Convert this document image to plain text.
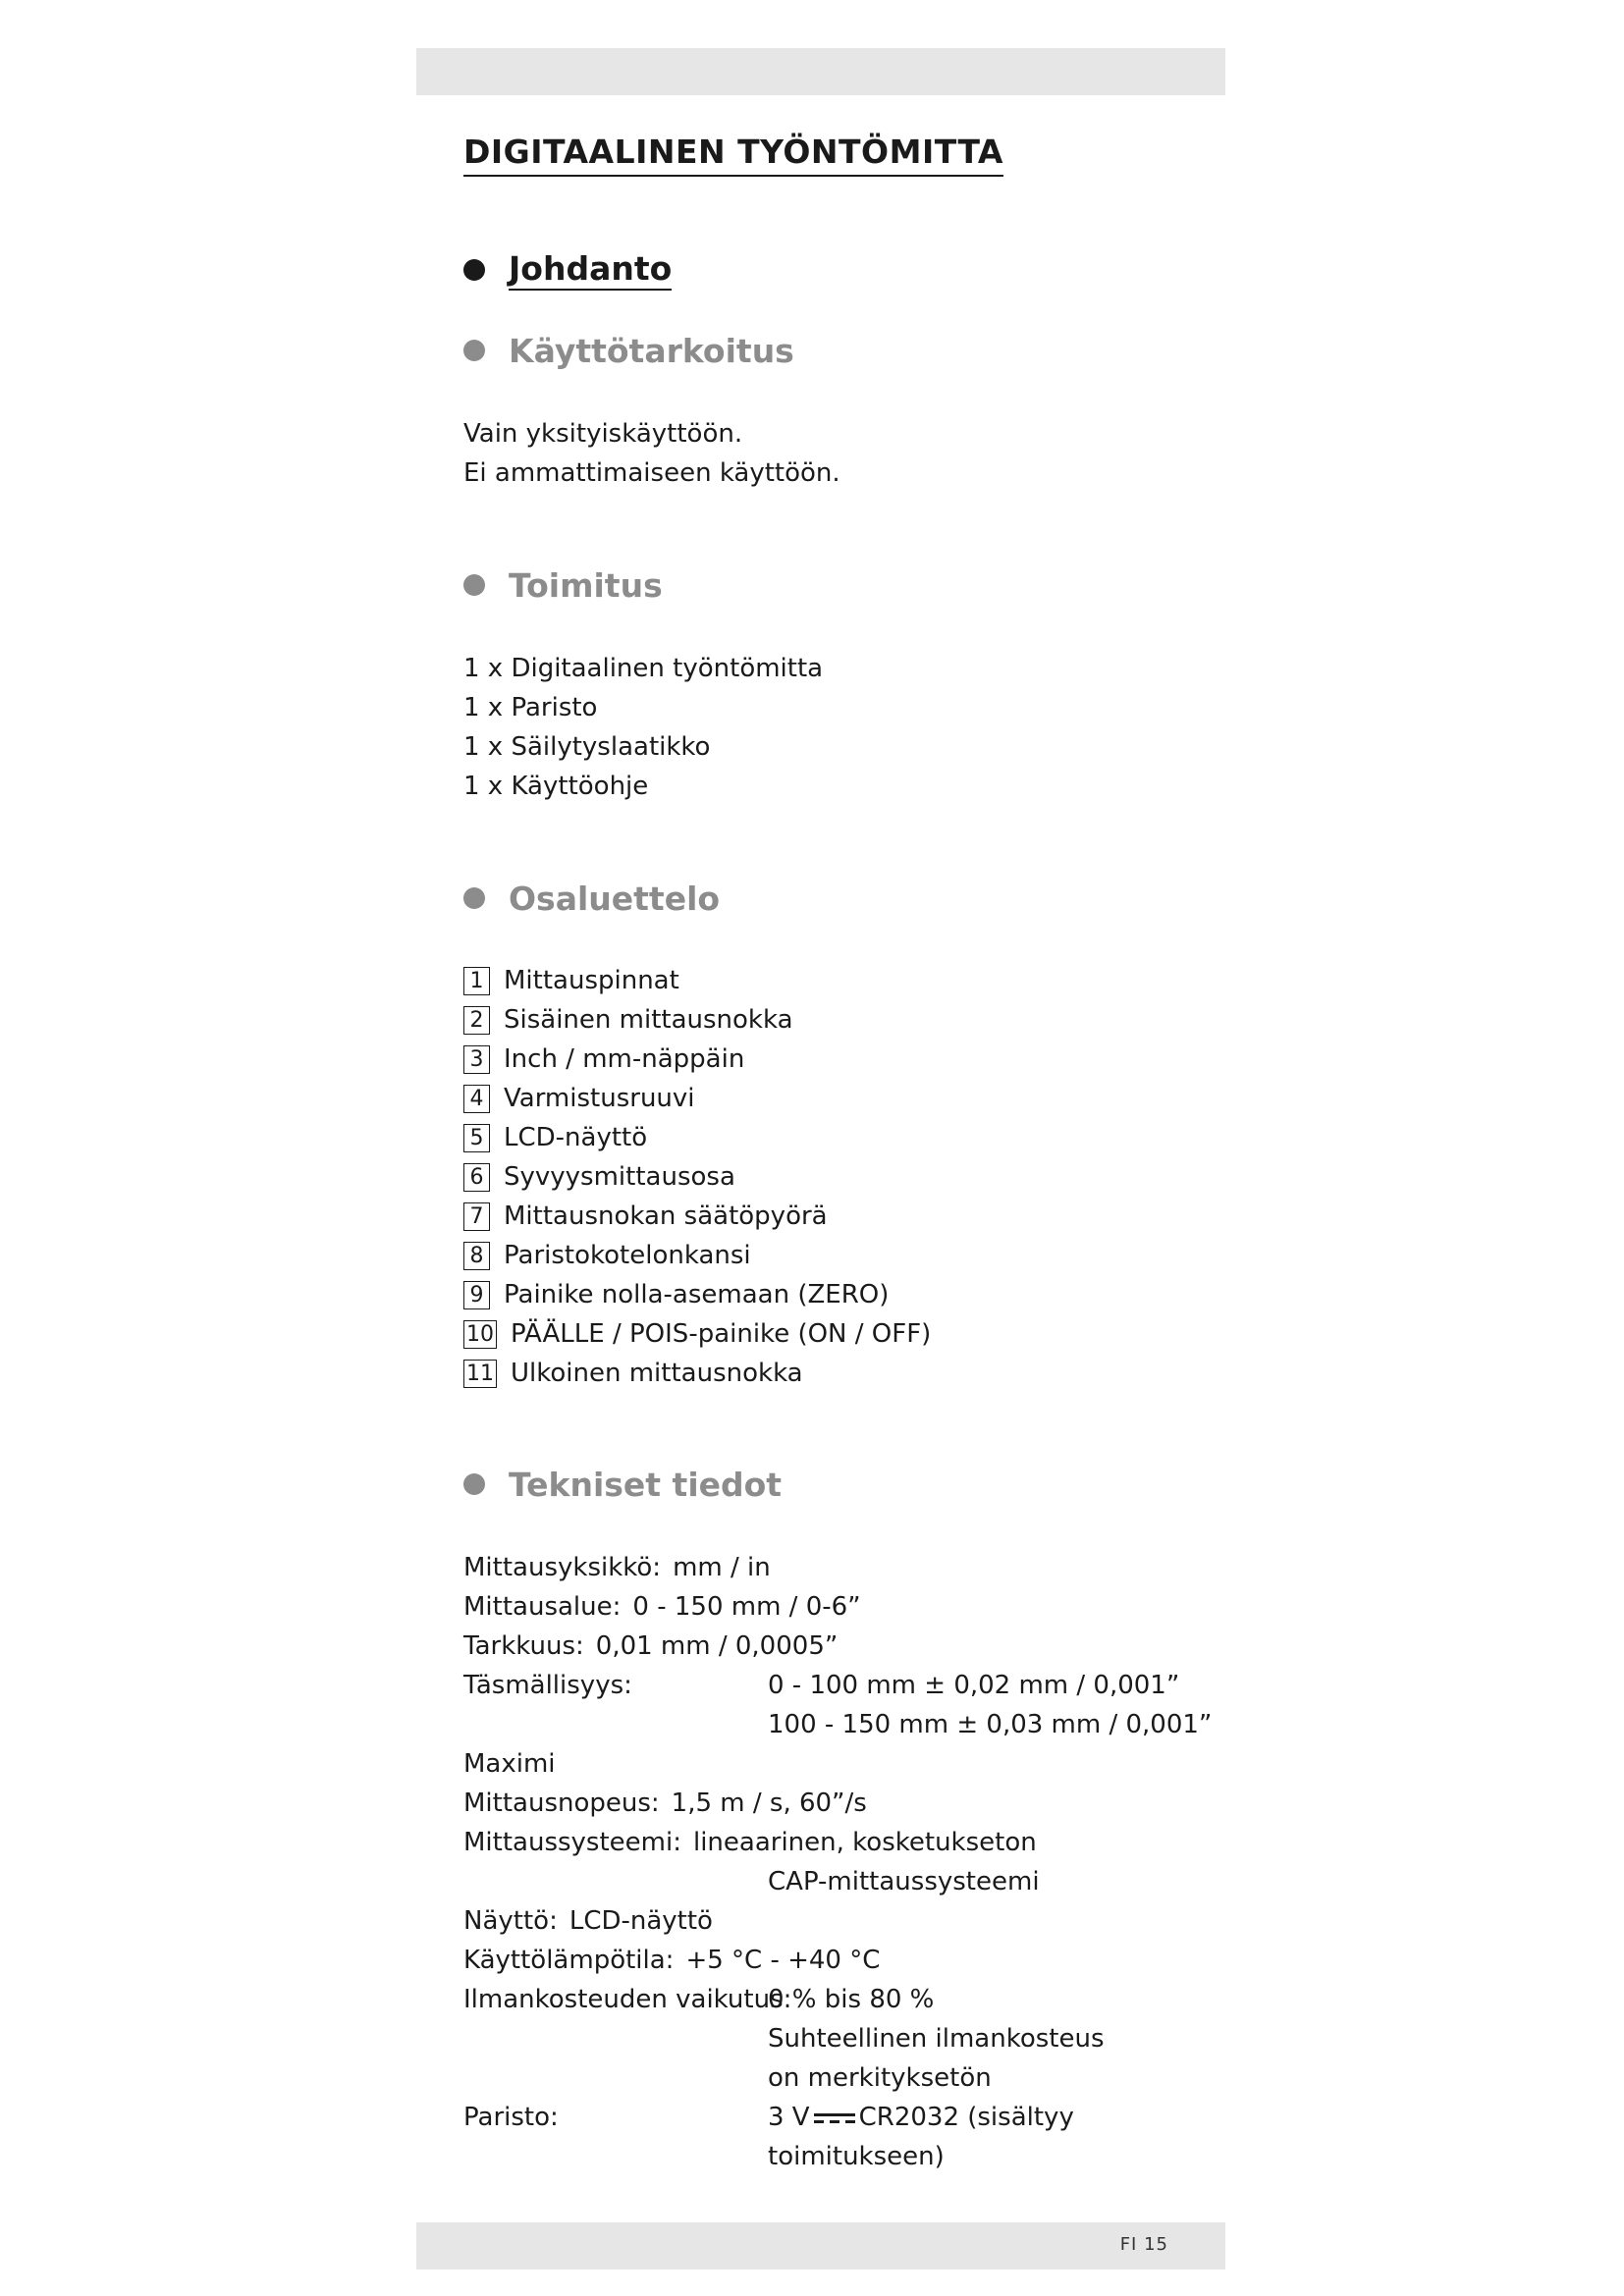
DIGITAALINEN TYÖNTÖMITTA
Johdanto
Käyttötarkoitus
Vain yksityiskäyttöön.
Ei ammattimaiseen käyttöön.
Toimitus
1 x Digitaalinen työntömitta
1 x Paristo
1 x Säilytyslaatikko
1 x Käyttöohje
Osaluettelo
1 Mittauspinnat
2 Sisäinen mittausnokka
3 Inch / mm-näppäin
4 Varmistusruuvi
5 LCD-näyttö
6 Syvyysmittausosa
7 Mittausnokan säätöpyörä
8 Paristokotelonkansi
9 Painike nolla-asemaan (ZERO)
10 PÄÄLLE / POIS-painike (ON / OFF)
11 Ulkoinen mittausnokka
Tekniset tiedot
Mittausyksikkö: mm / in
Mittausalue: 0 - 150 mm / 0-6”
Tarkkuus: 0,01 mm / 0,0005”
Täsmällisyys:	0 - 100 mm ± 0,02 mm / 0,001”
100 - 150 mm ± 0,03 mm / 0,001”
Maximi
Mittausnopeus: 1,5 m / s, 60”/s
Mittaussysteemi: lineaarinen, kosketukseton
CAP-mittaussysteemi
Näyttö: LCD-näyttö
Käyttölämpötila: +5 °C - +40 °C
Ilmankosteuden vaikutus:
0 % bis 80 %
Suhteellinen ilmankosteus
on merkityksetön
Paristo:	3 V CR2032 (sisältyy
toimitukseen)
FI 15
